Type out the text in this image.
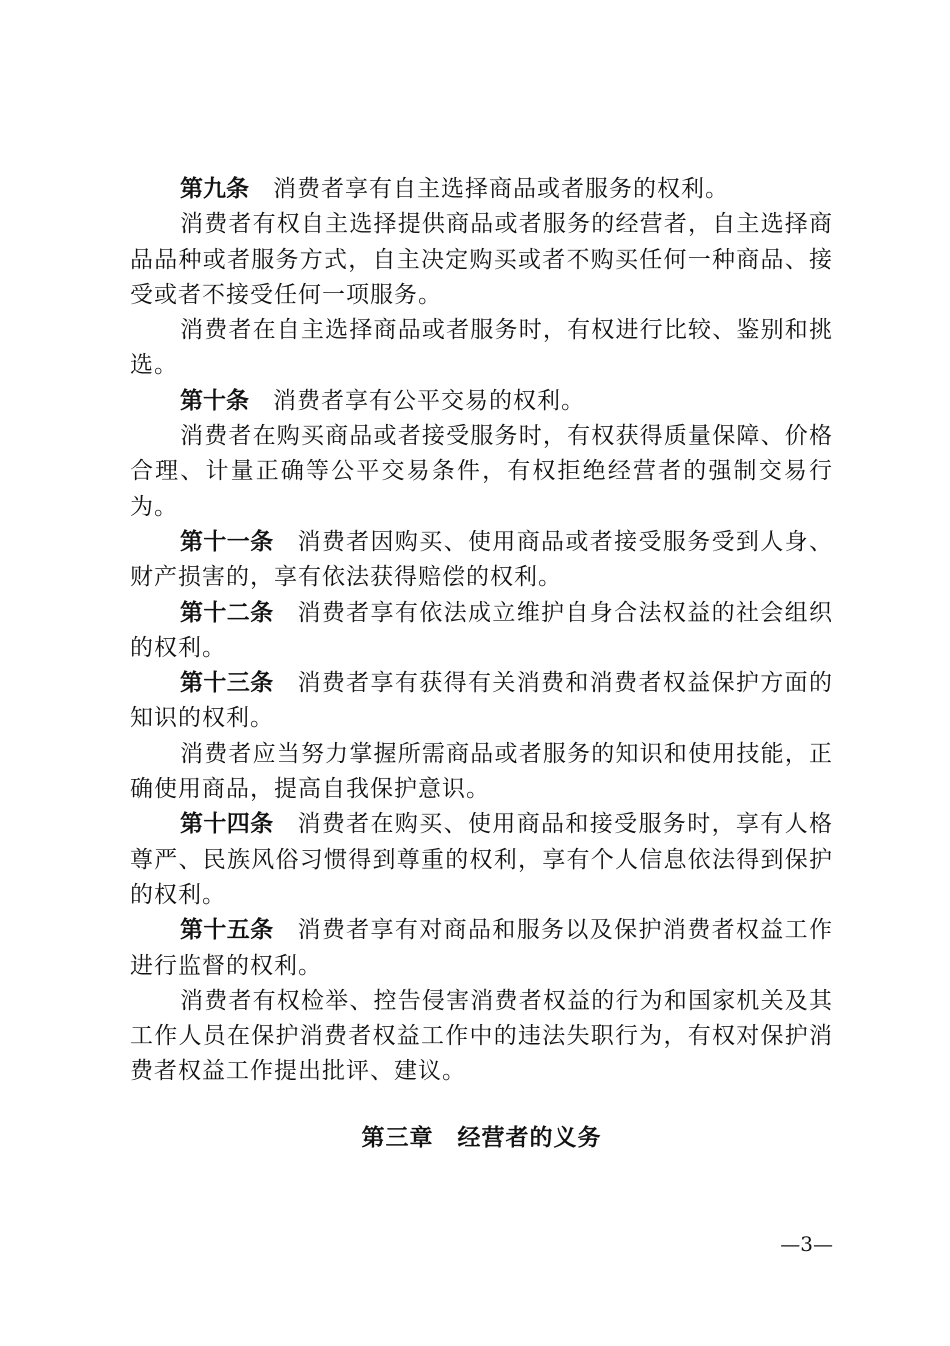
第九条 消费者享有自主选择商品或者服务的权利。

消费者有权自主选择提供商品或者服务的经营者，自主选择商品品种或者服务方式，自主决定购买或者不购买任何一种商品、接受或者不接受任何一项服务。

消费者在自主选择商品或者服务时，有权进行比较、鉴别和挑选。

第十条 消费者享有公平交易的权利。

消费者在购买商品或者接受服务时，有权获得质量保障、价格合理、计量正确等公平交易条件，有权拒绝经营者的强制交易行为。

第十一条 消费者因购买、使用商品或者接受服务受到人身、财产损害的，享有依法获得赔偿的权利。

第十二条 消费者享有依法成立维护自身合法权益的社会组织的权利。

第十三条 消费者享有获得有关消费和消费者权益保护方面的知识的权利。

消费者应当努力掌握所需商品或者服务的知识和使用技能，正确使用商品，提高自我保护意识。

第十四条 消费者在购买、使用商品和接受服务时，享有人格尊严、民族风俗习惯得到尊重的权利，享有个人信息依法得到保护的权利。

第十五条 消费者享有对商品和服务以及保护消费者权益工作进行监督的权利。

消费者有权检举、控告侵害消费者权益的行为和国家机关及其工作人员在保护消费者权益工作中的违法失职行为，有权对保护消费者权益工作提出批评、建议。

第三章 经营者的义务
—3—
